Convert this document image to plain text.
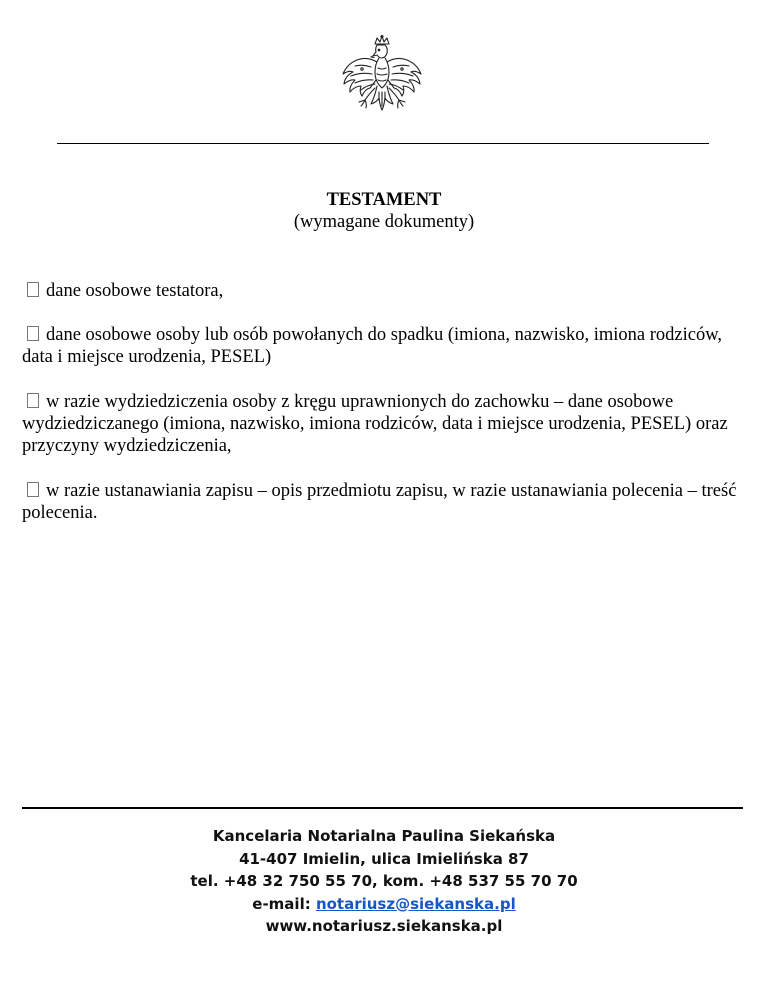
TESTAMENT
(wymagane dokumenty)
dane osobowe testatora,
dane osobowe osoby lub osób powołanych do spadku (imiona, nazwisko, imiona rodziców, data i miejsce urodzenia, PESEL)
w razie wydziedziczenia osoby z kręgu uprawnionych do zachowku – dane osobowe wydziedziczanego (imiona, nazwisko, imiona rodziców, data i miejsce urodzenia, PESEL) oraz przyczyny wydziedziczenia,
w razie ustanawiania zapisu – opis przedmiotu zapisu, w razie ustanawiania polecenia – treść polecenia.
Kancelaria Notarialna Paulina Siekańska
41-407 Imielin, ulica Imielińska 87
tel. +48 32 750 55 70, kom. +48 537 55 70 70
e-mail: notariusz@siekanska.pl
www.notariusz.siekanska.pl
